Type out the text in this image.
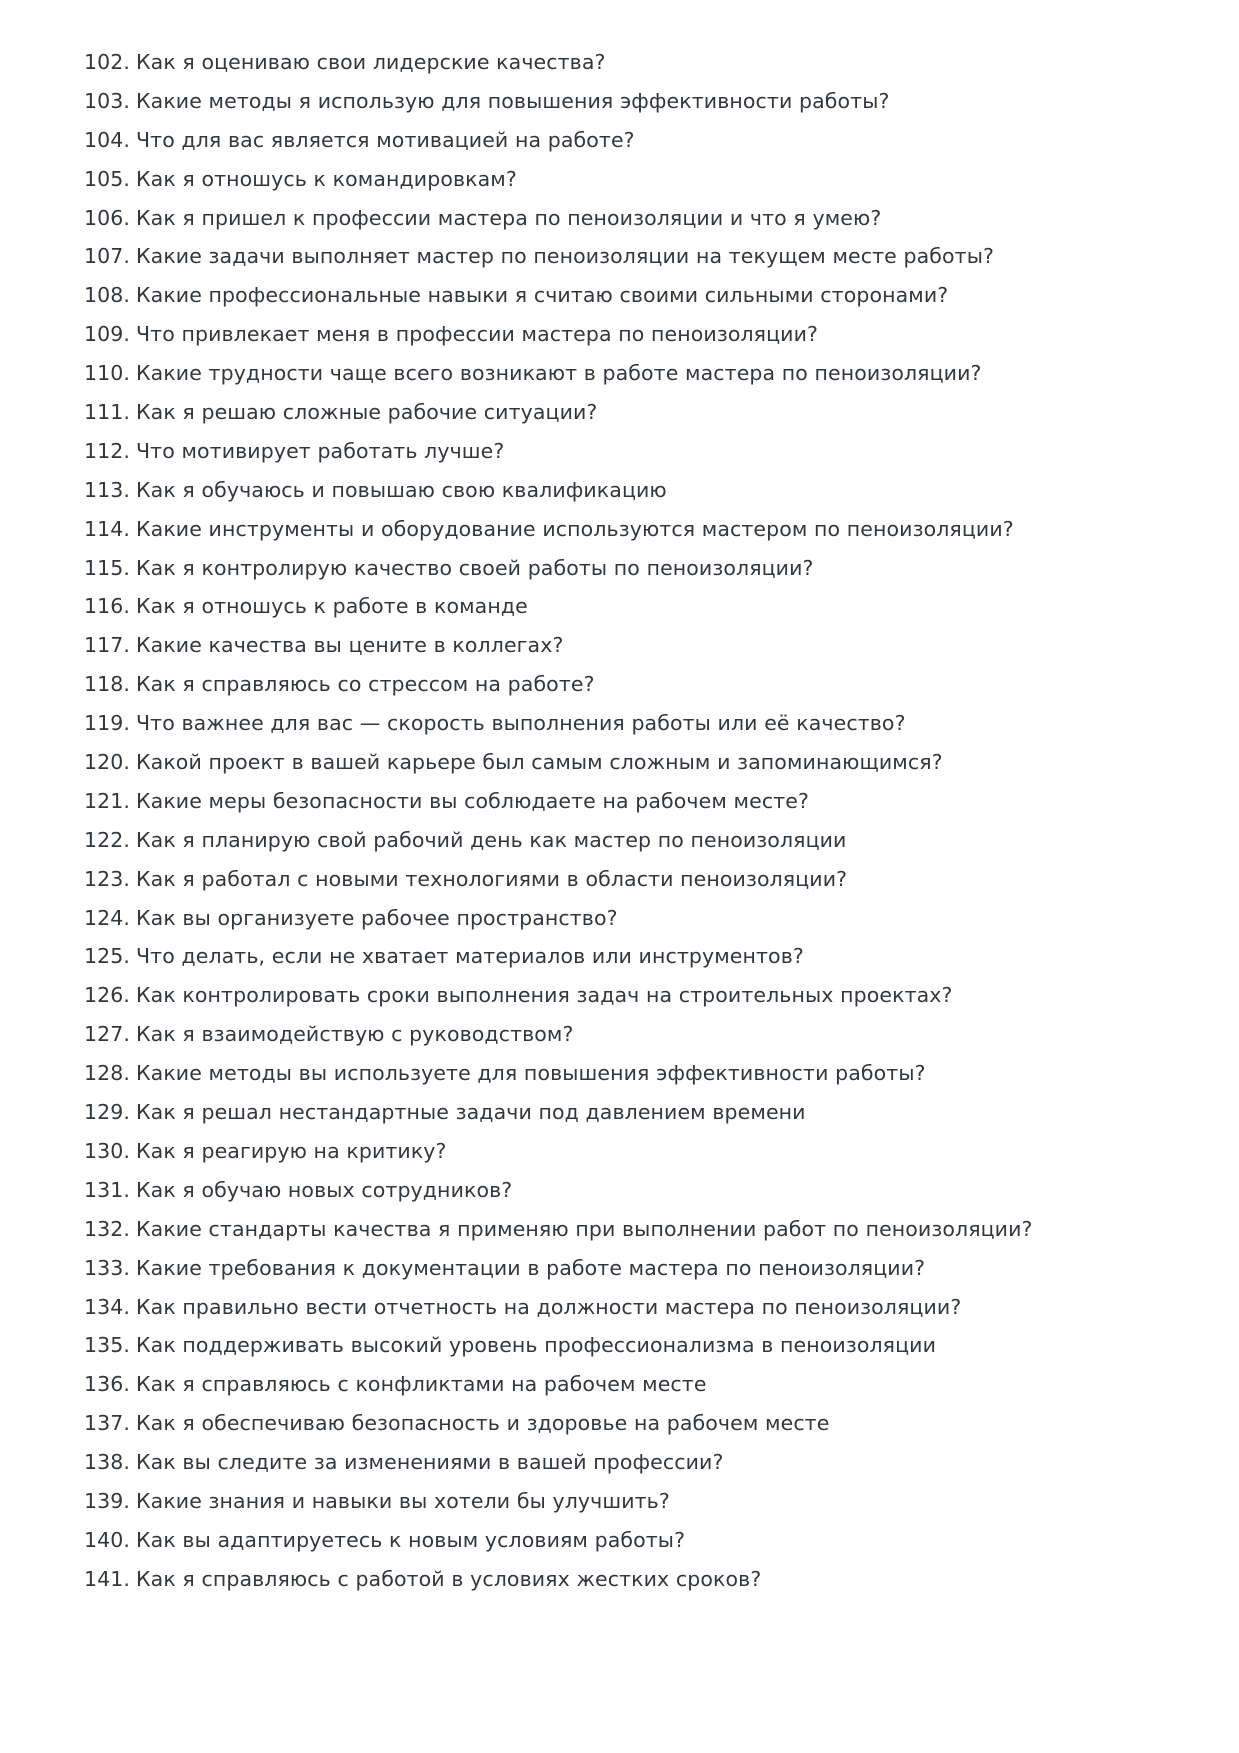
102. Как я оцениваю свои лидерские качества?
103. Какие методы я использую для повышения эффективности работы?
104. Что для вас является мотивацией на работе?
105. Как я отношусь к командировкам?
106. Как я пришел к профессии мастера по пеноизоляции и что я умею?
107. Какие задачи выполняет мастер по пеноизоляции на текущем месте работы?
108. Какие профессиональные навыки я считаю своими сильными сторонами?
109. Что привлекает меня в профессии мастера по пеноизоляции?
110. Какие трудности чаще всего возникают в работе мастера по пеноизоляции?
111. Как я решаю сложные рабочие ситуации?
112. Что мотивирует работать лучше?
113. Как я обучаюсь и повышаю свою квалификацию
114. Какие инструменты и оборудование используются мастером по пеноизоляции?
115. Как я контролирую качество своей работы по пеноизоляции?
116. Как я отношусь к работе в команде
117. Какие качества вы цените в коллегах?
118. Как я справляюсь со стрессом на работе?
119. Что важнее для вас — скорость выполнения работы или её качество?
120. Какой проект в вашей карьере был самым сложным и запоминающимся?
121. Какие меры безопасности вы соблюдаете на рабочем месте?
122. Как я планирую свой рабочий день как мастер по пеноизоляции
123. Как я работал с новыми технологиями в области пеноизоляции?
124. Как вы организуете рабочее пространство?
125. Что делать, если не хватает материалов или инструментов?
126. Как контролировать сроки выполнения задач на строительных проектах?
127. Как я взаимодействую с руководством?
128. Какие методы вы используете для повышения эффективности работы?
129. Как я решал нестандартные задачи под давлением времени
130. Как я реагирую на критику?
131. Как я обучаю новых сотрудников?
132. Какие стандарты качества я применяю при выполнении работ по пеноизоляции?
133. Какие требования к документации в работе мастера по пеноизоляции?
134. Как правильно вести отчетность на должности мастера по пеноизоляции?
135. Как поддерживать высокий уровень профессионализма в пеноизоляции
136. Как я справляюсь с конфликтами на рабочем месте
137. Как я обеспечиваю безопасность и здоровье на рабочем месте
138. Как вы следите за изменениями в вашей профессии?
139. Какие знания и навыки вы хотели бы улучшить?
140. Как вы адаптируетесь к новым условиям работы?
141. Как я справляюсь с работой в условиях жестких сроков?
